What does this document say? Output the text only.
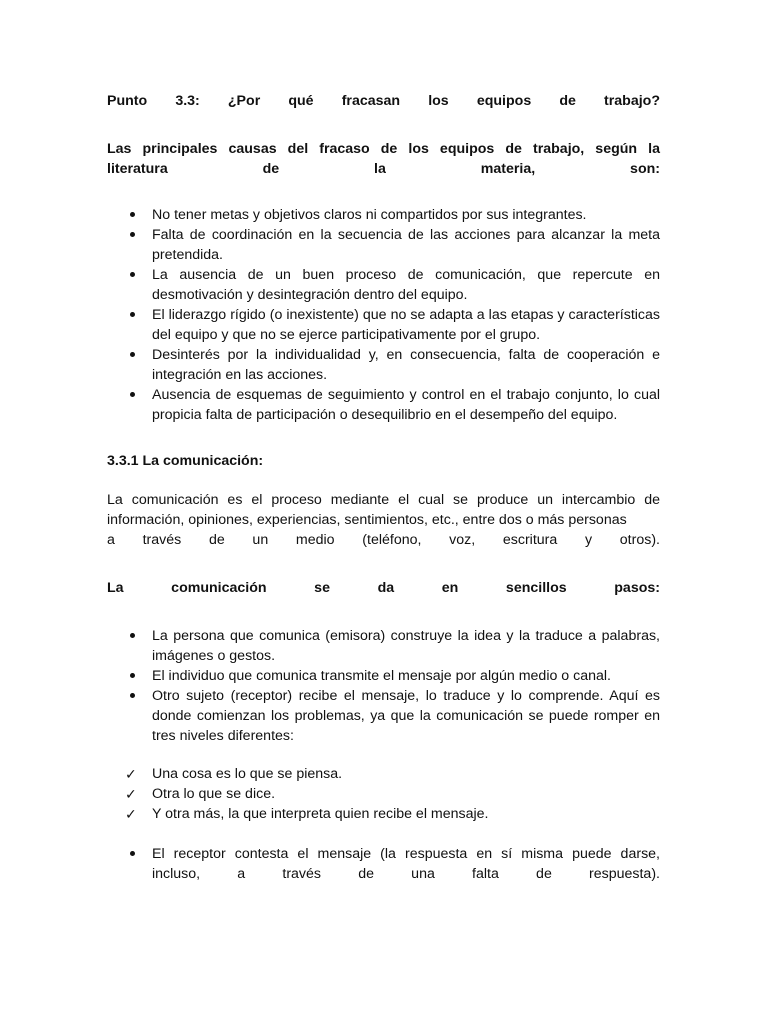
Punto 3.3: ¿Por qué fracasan los equipos de trabajo?

Las principales causas del fracaso de los equipos de trabajo, según la

literatura de la materia, son:

No tener metas y objetivos claros ni compartidos por sus integrantes.
Falta de coordinación en la secuencia de las acciones para alcanzar la meta pretendida.
La ausencia de un buen proceso de comunicación, que repercute en desmotivación y desintegración dentro del equipo.
El liderazgo rígido (o inexistente) que no se adapta a las etapas y características del equipo y que no se ejerce participativamente por el grupo.
Desinterés por la individualidad y, en consecuencia, falta de cooperación e integración en las acciones.
Ausencia de esquemas de seguimiento y control en el trabajo conjunto, lo cual propicia falta de participación o desequilibrio en el desempeño del equipo.

3.3.1 La comunicación:

La comunicación es el proceso mediante el cual se produce un intercambio de información, opiniones, experiencias, sentimientos, etc., entre dos o más personas

a través de un medio (teléfono, voz, escritura y otros).

La comunicación se da en sencillos pasos:

La persona que comunica (emisora) construye la idea y la traduce a palabras, imágenes o gestos.
El individuo que comunica transmite el mensaje por algún medio o canal.
Otro sujeto (receptor) recibe el mensaje, lo traduce y lo comprende. Aquí es donde comienzan los problemas, ya que la comunicación se puede romper en tres niveles diferentes:
✓	Una cosa es lo que se piensa.
✓	Otra lo que se dice.
✓	Y otra más, la que interpreta quien recibe el mensaje.
El receptor contesta el mensaje (la respuesta en sí misma puede darse,
incluso, a través de una falta de respuesta).
